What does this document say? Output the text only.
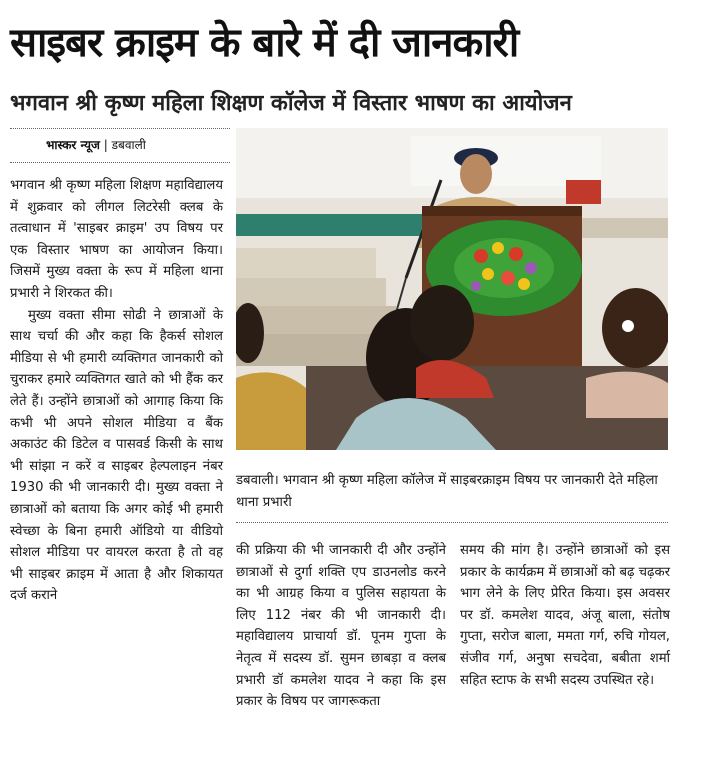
साइबर क्राइम के बारे में दी जानकारी
भगवान श्री कृष्ण महिला शिक्षण कॉलेज में विस्तार भाषण का आयोजन
भास्कर न्यूज | डबवाली

भगवान श्री कृष्ण महिला शिक्षण महाविद्यालय में शुक्रवार को लीगल लिटरेसी क्लब के तत्वाधान में 'साइबर क्राइम' उप विषय पर एक विस्तार भाषण का आयोजन किया। जिसमें मुख्य वक्ता के रूप में महिला थाना प्रभारी ने शिरकत की।

मुख्य वक्ता सीमा सोढी ने छात्राओं के साथ चर्चा की और कहा कि हैकर्स सोशल मीडिया से भी हमारी व्यक्तिगत जानकारी को चुराकर हमारे व्यक्तिगत खाते को भी हैंक कर लेते हैं। उन्होंने छात्राओं को आगाह किया कि कभी भी अपने सोशल मीडिया व बैंक अकाउंट की डिटेल व पासवर्ड किसी के साथ भी सांझा न करें व साइबर हेल्पलाइन नंबर 1930 की भी जानकारी दी। मुख्य वक्ता ने छात्राओं को बताया कि अगर कोई भी हमारी स्वेच्छा के बिना हमारी ऑडियो या वीडियो सोशल मीडिया पर वायरल करता है तो वह भी साइबर क्राइम में आता है और शिकायत दर्ज कराने

डबवाली। भगवान श्री कृष्ण महिला कॉलेज में साइबरक्राइम विषय पर जानकारी देते महिला थाना प्रभारी

की प्रक्रिया की भी जानकारी दी और उन्होंने छात्राओं से दुर्गा शक्ति एप डाउनलोड करने का भी आग्रह किया व पुलिस सहायता के लिए 112 नंबर की भी जानकारी दी। महाविद्यालय प्राचार्या डॉ. पूनम गुप्ता के नेतृत्व में सदस्य डॉ. सुमन छाबड़ा व क्लब प्रभारी डॉ कमलेश यादव ने कहा कि इस प्रकार के विषय पर जागरूकता

समय की मांग है। उन्होंने छात्राओं को इस प्रकार के कार्यक्रम में छात्राओं को बढ़ चढ़कर भाग लेने के लिए प्रेरित किया। इस अवसर पर डॉ. कमलेश यादव, अंजू बाला, संतोष गुप्ता, सरोज बाला, ममता गर्ग, रुचि गोयल, संजीव गर्ग, अनुषा सचदेवा, बबीता शर्मा सहित स्टाफ के सभी सदस्य उपस्थित रहे।
